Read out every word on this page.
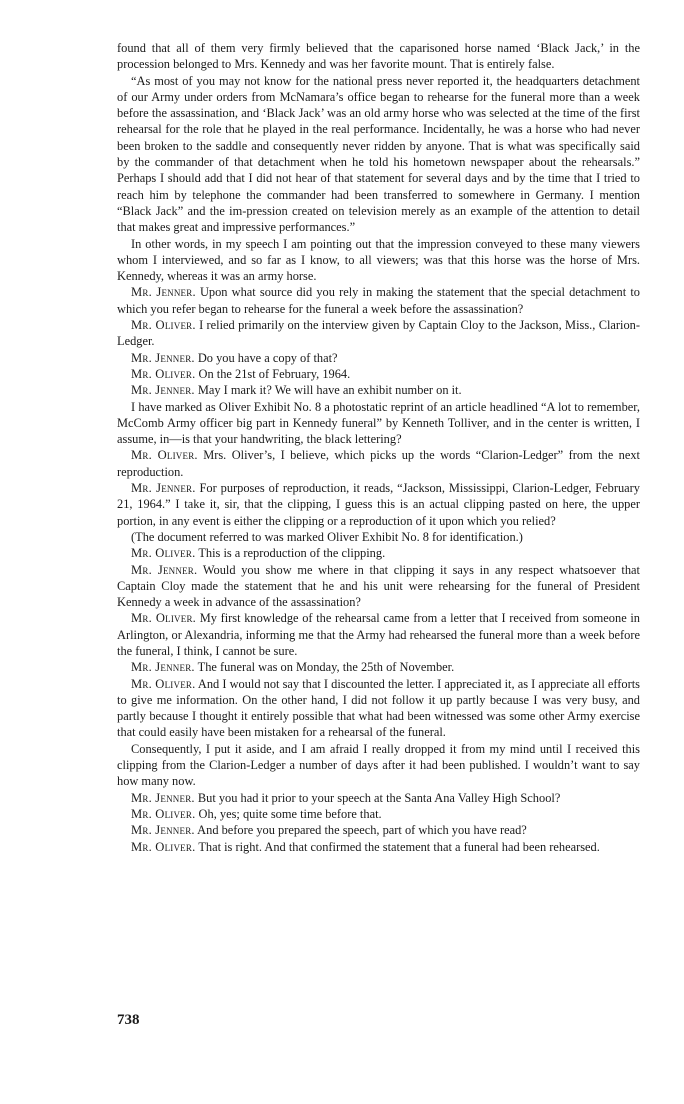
found that all of them very firmly believed that the caparisoned horse named ‘Black Jack,’ in the procession belonged to Mrs. Kennedy and was her favorite mount. That is entirely false.

“As most of you may not know for the national press never reported it, the headquarters detachment of our Army under orders from McNamara’s office began to rehearse for the funeral more than a week before the assassination, and ‘Black Jack’ was an old army horse who was selected at the time of the first rehearsal for the role that he played in the real performance. Incidentally, he was a horse who had never been broken to the saddle and consequently never ridden by anyone. That is what was specifically said by the commander of that detachment when he told his hometown newspaper about the rehearsals.” Perhaps I should add that I did not hear of that statement for several days and by the time that I tried to reach him by telephone the commander had been transferred to somewhere in Germany. I mention “Black Jack” and the im-pression created on television merely as an example of the attention to detail that makes great and impressive performances.”

In other words, in my speech I am pointing out that the impression conveyed to these many viewers whom I interviewed, and so far as I know, to all viewers; was that this horse was the horse of Mrs. Kennedy, whereas it was an army horse.

Mr. Jenner. Upon what source did you rely in making the statement that the special detachment to which you refer began to rehearse for the funeral a week before the assassination?

Mr. Oliver. I relied primarily on the interview given by Captain Cloy to the Jackson, Miss., Clarion-Ledger.

Mr. Jenner. Do you have a copy of that?

Mr. Oliver. On the 21st of February, 1964.

Mr. Jenner. May I mark it? We will have an exhibit number on it.

I have marked as Oliver Exhibit No. 8 a photostatic reprint of an article headlined “A lot to remember, McComb Army officer big part in Kennedy funeral” by Kenneth Tolliver, and in the center is written, I assume, in—is that your handwriting, the black lettering?

Mr. Oliver. Mrs. Oliver’s, I believe, which picks up the words “Clarion-Ledger” from the next reproduction.

Mr. Jenner. For purposes of reproduction, it reads, “Jackson, Mississippi, Clarion-Ledger, February 21, 1964.” I take it, sir, that the clipping, I guess this is an actual clipping pasted on here, the upper portion, in any event is either the clipping or a reproduction of it upon which you relied?

(The document referred to was marked Oliver Exhibit No. 8 for identification.)

Mr. Oliver. This is a reproduction of the clipping.

Mr. Jenner. Would you show me where in that clipping it says in any respect whatsoever that Captain Cloy made the statement that he and his unit were rehearsing for the funeral of President Kennedy a week in advance of the assassination?

Mr. Oliver. My first knowledge of the rehearsal came from a letter that I received from someone in Arlington, or Alexandria, informing me that the Army had rehearsed the funeral more than a week before the funeral, I think, I cannot be sure.

Mr. Jenner. The funeral was on Monday, the 25th of November.

Mr. Oliver. And I would not say that I discounted the letter. I appreciated it, as I appreciate all efforts to give me information. On the other hand, I did not follow it up partly because I was very busy, and partly because I thought it entirely possible that what had been witnessed was some other Army exercise that could easily have been mistaken for a rehearsal of the funeral.

Consequently, I put it aside, and I am afraid I really dropped it from my mind until I received this clipping from the Clarion-Ledger a number of days after it had been published. I wouldn’t want to say how many now.

Mr. Jenner. But you had it prior to your speech at the Santa Ana Valley High School?

Mr. Oliver. Oh, yes; quite some time before that.

Mr. Jenner. And before you prepared the speech, part of which you have read?

Mr. Oliver. That is right. And that confirmed the statement that a funeral had been rehearsed.

738
